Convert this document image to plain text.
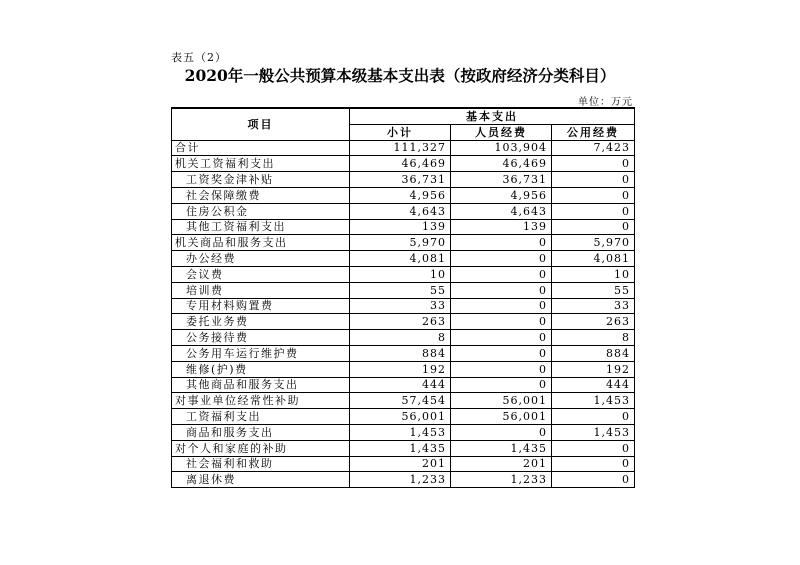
表五（2）
2020年一般公共预算本级基本支出表（按政府经济分类科目）
单位：万元
项目	基本支出		
	小计	人员经费	公用经费
合计	111,327	103,904	7,423
机关工资福利支出	46,469	46,469	0
工资奖金津补贴	36,731	36,731	0
社会保障缴费	4,956	4,956	0
住房公积金	4,643	4,643	0
其他工资福利支出	139	139	0
机关商品和服务支出	5,970	0	5,970
办公经费	4,081	0	4,081
会议费	10	0	10
培训费	55	0	55
专用材料购置费	33	0	33
委托业务费	263	0	263
公务接待费	8	0	8
公务用车运行维护费	884	0	884
维修(护)费	192	0	192
其他商品和服务支出	444	0	444
对事业单位经常性补助	57,454	56,001	1,453
工资福利支出	56,001	56,001	0
商品和服务支出	1,453	0	1,453
对个人和家庭的补助	1,435	1,435	0
社会福利和救助	201	201	0
离退休费	1,233	1,233	0
